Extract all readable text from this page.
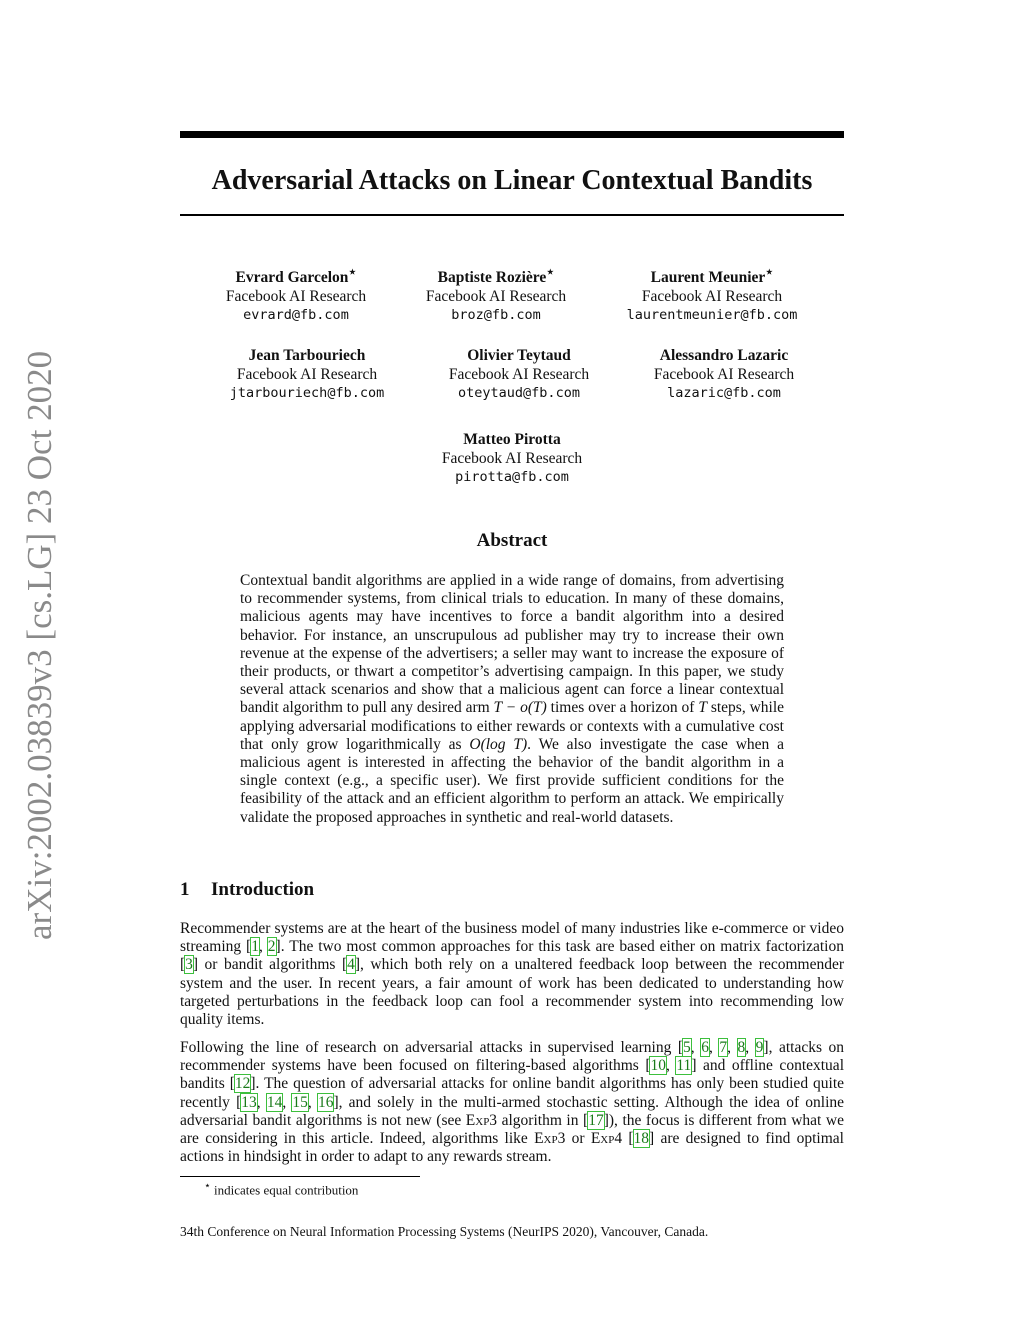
arXiv:2002.03839v3 [cs.LG] 23 Oct 2020
Adversarial Attacks on Linear Contextual Bandits
Evrard Garcelon⋆
Facebook AI Research
evrard@fb.com
Baptiste Rozière⋆
Facebook AI Research
broz@fb.com
Laurent Meunier⋆
Facebook AI Research
laurentmeunier@fb.com
Jean Tarbouriech
Facebook AI Research
jtarbouriech@fb.com
Olivier Teytaud
Facebook AI Research
oteytaud@fb.com
Alessandro Lazaric
Facebook AI Research
lazaric@fb.com
Matteo Pirotta
Facebook AI Research
pirotta@fb.com
Abstract
Contextual bandit algorithms are applied in a wide range of domains, from advertising to recommender systems, from clinical trials to education. In many of these domains, malicious agents may have incentives to force a bandit algorithm into a desired behavior. For instance, an unscrupulous ad publisher may try to increase their own revenue at the expense of the advertisers; a seller may want to increase the exposure of their products, or thwart a competitor’s advertising campaign. In this paper, we study several attack scenarios and show that a malicious agent can force a linear contextual bandit algorithm to pull any desired arm T − o(T) times over a horizon of T steps, while applying adversarial modifications to either rewards or contexts with a cumulative cost that only grow logarithmically as O(log T). We also investigate the case when a malicious agent is interested in affecting the behavior of the bandit algorithm in a single context (e.g., a specific user). We first provide sufficient conditions for the feasibility of the attack and an efficient algorithm to perform an attack. We empirically validate the proposed approaches in synthetic and real-world datasets.
1 Introduction
Recommender systems are at the heart of the business model of many industries like e-commerce or video streaming [1, 2]. The two most common approaches for this task are based either on matrix factorization [3] or bandit algorithms [4], which both rely on a unaltered feedback loop between the recommender system and the user. In recent years, a fair amount of work has been dedicated to understanding how targeted perturbations in the feedback loop can fool a recommender system into recommending low quality items.
Following the line of research on adversarial attacks in supervised learning [5, 6, 7, 8, 9], attacks on recommender systems have been focused on filtering-based algorithms [10, 11] and offline contextual bandits [12]. The question of adversarial attacks for online bandit algorithms has only been studied quite recently [13, 14, 15, 16], and solely in the multi-armed stochastic setting. Although the idea of online adversarial bandit algorithms is not new (see Exp3 algorithm in [17]), the focus is different from what we are considering in this article. Indeed, algorithms like Exp3 or Exp4 [18] are designed to find optimal actions in hindsight in order to adapt to any rewards stream.
⋆ indicates equal contribution
34th Conference on Neural Information Processing Systems (NeurIPS 2020), Vancouver, Canada.
